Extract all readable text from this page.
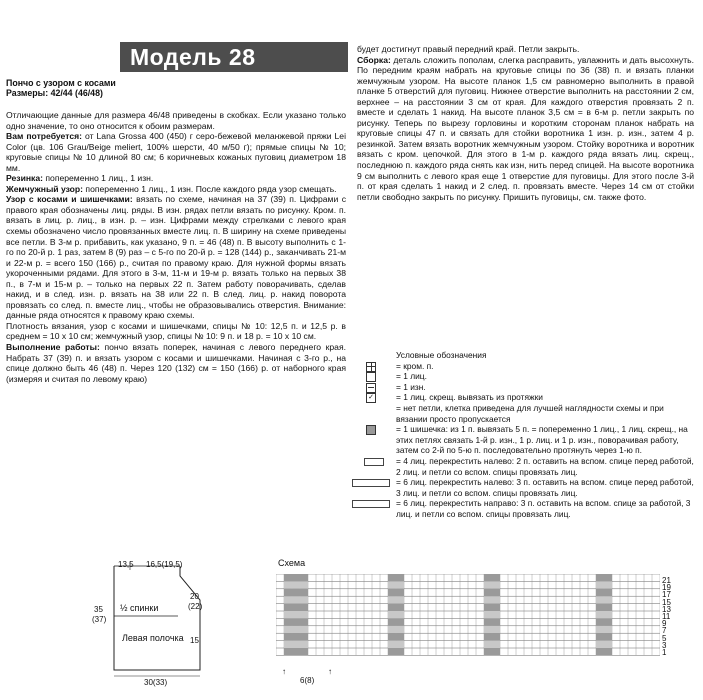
Модель 28
Пончо с узором с косами
Размеры: 42/44 (46/48)

Отличающие данные для размера 46/48 приведены в скобках. Если указано только одно значение, то оно относится к обоим размерам.

Вам потребуется: от Lana Grossa 400 (450) г серо-бежевой меланжевой пряжи Lei Color (цв. 106 Grau/Beige meliert, 100% шерсти, 40 м/50 г); прямые спицы № 10; круговые спицы № 10 длиной 80 см; 6 коричневых кожаных пуговиц диаметром 18 мм.

Резинка: попеременно 1 лиц., 1 изн.

Жемчужный узор: попеременно 1 лиц., 1 изн. После каждого ряда узор смещать.

Узор с косами и шишечками: вязать по схеме, начиная на 37 (39) п. Цифрами с правого края обозначены лиц. ряды. В изн. рядах петли вязать по рисунку. Кром. п. вязать в лиц. р. лиц., в изн. р. – изн. Цифрами между стрелками с левого края схемы обозначено число провязанных вместе лиц. п. В ширину на схеме приведены все петли. В 3-м р. прибавить, как указано, 9 п. = 46 (48) п. В высоту выполнить с 1-го по 20-й р. 1 раз, затем 8 (9) раз – с 5-го по 20-й р. = 128 (144) р., заканчивать 21-м и 22-м р. = всего 150 (166) р., считая по правому краю. Для нужной формы вязать укороченными рядами. Для этого в 3-м, 11-м и 19-м р. вязать только на первых 38 п., в 7-м и 15-м р. – только на первых 22 п. Затем работу поворачивать, сделав накид, и в след. изн. р. вязать на 38 или 22 п. В след. лиц. р. накид поворота провязать со след. п. вместе лиц., чтобы не образовывались отверстия. Внимание: данные ряда относятся к правому краю схемы.

Плотность вязания, узор с косами и шишечками, спицы № 10: 12,5 п. и 12,5 р. в среднем = 10 х 10 см; жемчужный узор, спицы № 10: 9 п. и 18 р. = 10 х 10 см.

Выполнение работы: пончо вязать поперек, начиная с левого переднего края. Набрать 37 (39) п. и вязать узором с косами и шишечками. Начиная с 3-го р., на спице должно быть 46 (48) п. Через 120 (132) см = 150 (166) р. от наборного края (измеряя и считая по левому краю)

будет достигнут правый передний край. Петли закрыть.

Сборка: деталь сложить пополам, слегка расправить, увлажнить и дать высохнуть. По передним краям набрать на круговые спицы по 36 (38) п. и вязать планки жемчужным узором. На высоте планок 1,5 см равномерно выполнить в правой планке 5 отверстий для пуговиц. Нижнее отверстие выполнить на расстоянии 2 см, верхнее – на расстоянии 3 см от края. Для каждого отверстия провязать 2 п. вместе и сделать 1 накид. На высоте планок 3,5 см = в 6-м р. петли закрыть по рисунку. Теперь по вырезу горловины и коротким сторонам планок набрать на круговые спицы 47 п. и связать для стойки воротника 1 изн. р. изн., затем 4 р. резинкой. Затем вязать воротник жемчужным узором. Стойку воротника и воротник вязать с кром. цепочкой. Для этого в 1-м р. каждого ряда вязать лиц. скрещ., последнюю п. каждого ряда снять как изн, нить перед спицей. На высоте воротника 9 см выполнить с левого края еще 1 отверстие для пуговицы. Для этого после 3-й п. от края сделать 1 накид и 2 след. п. провязать вместе. Через 14 см от стойки петли свободно закрыть по рисунку. Пришить пуговицы, см. также фото.

Условные обозначения
= кром. п.
= 1 лиц.
= 1 изн.
✓	= 1 лиц. скрещ. вывязать из протяжки
= нет петли, клетка приведена для лучшей наглядности схемы и при вязании просто пропускается
= 1 шишечка: из 1 п. вывязать 5 п. = попеременно 1 лиц., 1 лиц. скрещ., на этих петлях связать 1-й р. изн., 1 р. лиц. и 1 р. изн., поворачивая работу, затем со 2-й по 5-ю п. последовательно протянуть через 1-ю п.
= 4 лиц. перекрестить налево: 2 п. оставить на вспом. спице перед работой, 2 лиц. и петли со вспом. спицы провязать лиц.
= 6 лиц. перекрестить налево: 3 п. оставить на вспом. спице перед работой, 3 лиц. и петли со вспом. спицы провязать лиц.
= 6 лиц. перекрестить направо: 3 п. оставить на вспом. спице за работой, 3 лиц. и петли со вспом. спицы провязать лиц.
13,5 16,5(19,5)
35
(37)
20
(22)
15
½ спинки
Левая полочка
30(33)
Схема
21
19
17
15
13
11
9
7
5
3
1
6(8)
↑	↑
